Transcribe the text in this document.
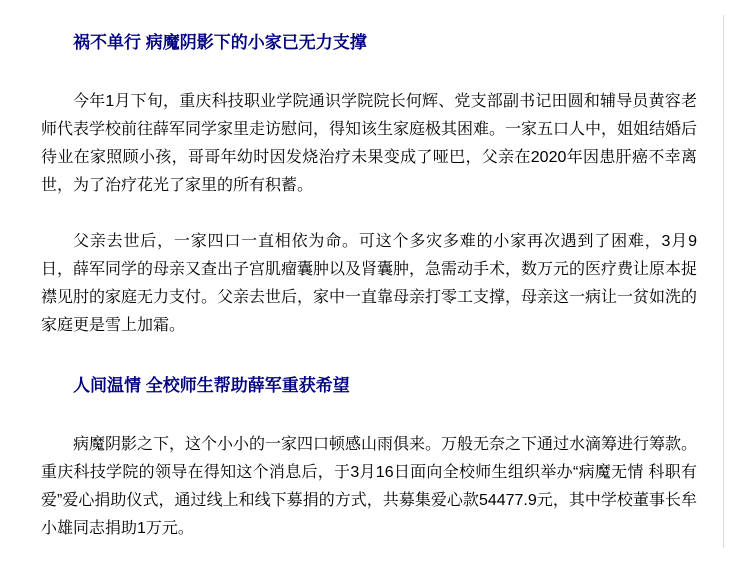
祸不单行 病魔阴影下的小家已无力支撑

今年1月下旬，重庆科技职业学院通识学院院长何辉、党支部副书记田圆和辅导员黄容老师代表学校前往薛军同学家里走访慰问，得知该生家庭极其困难。一家五口人中，姐姐结婚后待业在家照顾小孩，哥哥年幼时因发烧治疗未果变成了哑巴，父亲在2020年因患肝癌不幸离世，为了治疗花光了家里的所有积蓄。

父亲去世后，一家四口一直相依为命。可这个多灾多难的小家再次遇到了困难，3月9日，薛军同学的母亲又查出子宫肌瘤囊肿以及肾囊肿，急需动手术，数万元的医疗费让原本捉襟见肘的家庭无力支付。父亲去世后，家中一直靠母亲打零工支撑，母亲这一病让一贫如洗的家庭更是雪上加霜。

人间温情 全校师生帮助薛军重获希望

病魔阴影之下，这个小小的一家四口顿感山雨俱来。万般无奈之下通过水滴筹进行筹款。重庆科技学院的领导在得知这个消息后，于3月16日面向全校师生组织举办“病魔无情 科职有爱”爱心捐助仪式，通过线上和线下募捐的方式，共募集爱心款54477.9元，其中学校董事长牟小雄同志捐助1万元。
